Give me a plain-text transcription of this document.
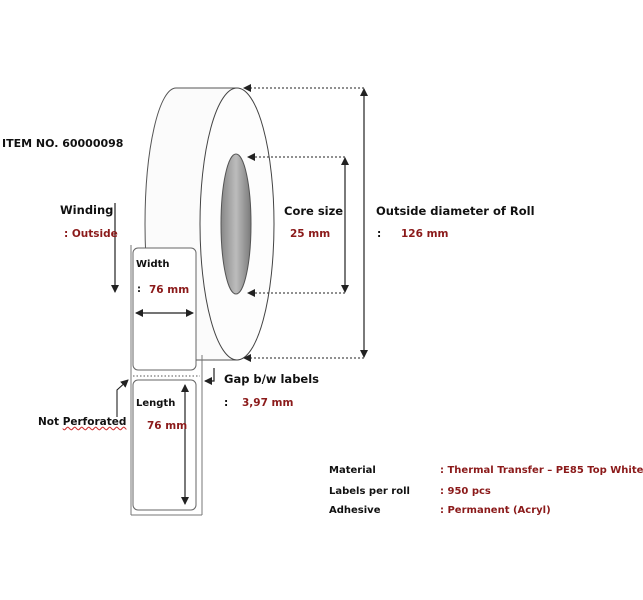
ITEM NO. 60000098
Winding
: Outside
Width
: 76 mm
Length
76 mm
Not Perforated
Core size
25 mm
Outside diameter of Roll
: 126 mm
Gap b/w labels
: 3,97 mm
Material	: Thermal Transfer – PE85 Top White
Labels per roll	: 950 pcs
Adhesive	: Permanent (Acryl)
